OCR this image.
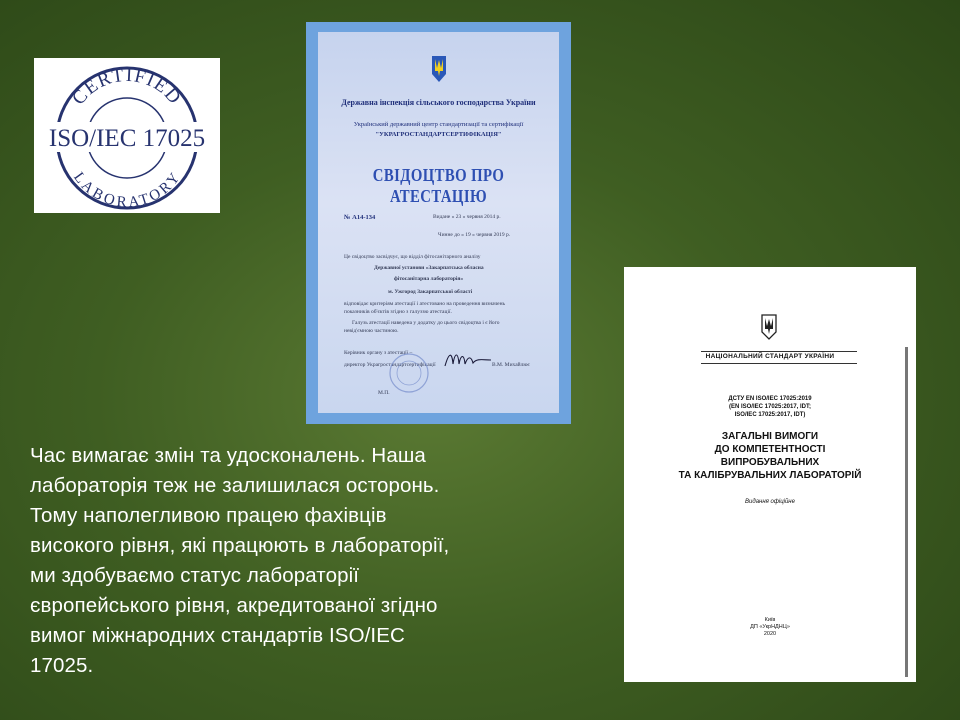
CERTIFIED
LABORATORY
ISO/IEC 17025
Державна інспекція сільського господарства України
Український державний центр стандартизації та сертифікації
"УКРАГРОСТАНДАРТСЕРТИФІКАЦІЯ"
СВІДОЦТВО ПРО АТЕСТАЦІЮ
№ А14-134	Видане « 23 » червня 2014 р.
Чинне до « 19 » червня 2019 р.
Це свідоцтво засвідчує, що відділ фітосанітарного аналізу
Державної установи «Закарпатська обласна
фітосанітарна лабораторія»
м. Ужгород Закарпатської області
відповідає критеріям атестації і атестовано на проведення визначень
показників об'єктів згідно з галуззю атестації.
Галузь атестації наведена у додатку до цього свідоцтва і є його
невід'ємною частиною.
Керівник органу з атестації –
директор Украгростандартсертифікації	В.М. Михайлює
М.П.
НАЦІОНАЛЬНИЙ СТАНДАРТ УКРАЇНИ
ДСТУ EN ISO/IEC 17025:2019
(EN ISO/IEC 17025:2017, IDT;
ISO/IEC 17025:2017, IDT)
ЗАГАЛЬНІ ВИМОГИ
ДО КОМПЕТЕНТНОСТІ
ВИПРОБУВАЛЬНИХ
ТА КАЛІБРУВАЛЬНИХ ЛАБОРАТОРІЙ
Видання офіційне
Київ
ДП «УкрНДНЦ»
2020
Час вимагає змін та удосконалень. Наша
лабораторія теж не залишилася осторонь.
Тому наполегливою працею фахівців
високого рівня, які працюють в лабораторії,
ми здобуваємо статус лабораторії
європейського рівня, акредитованої згідно
вимог міжнародних стандартів ISO/IEC
17025.
